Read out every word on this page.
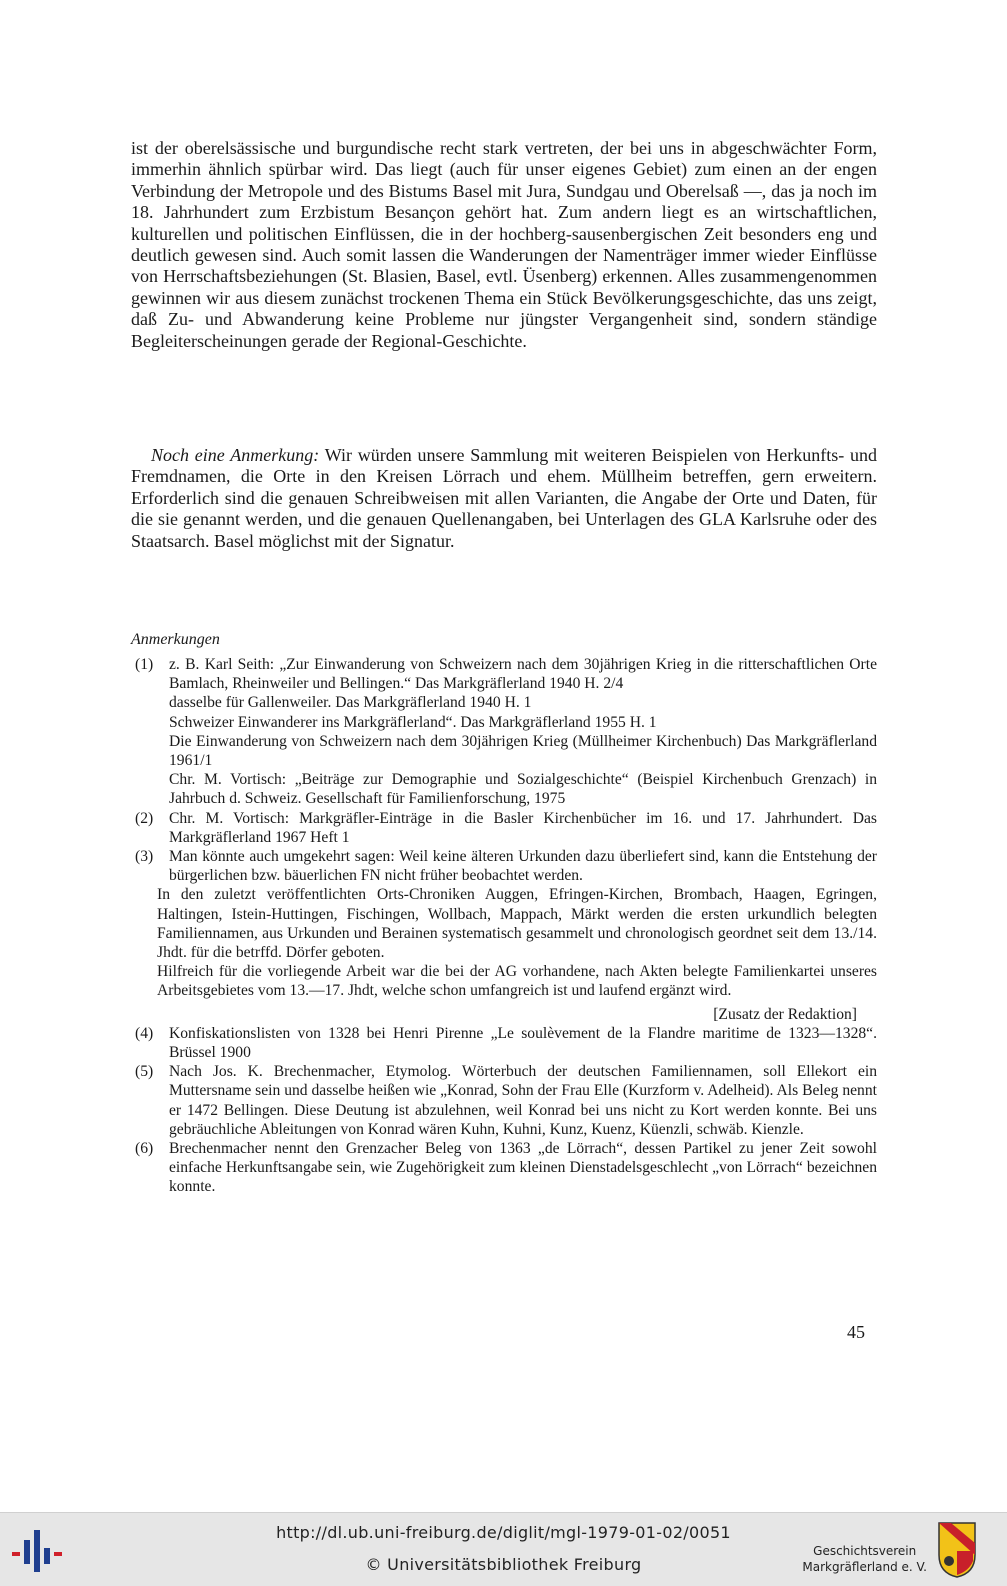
ist der oberelsässische und burgundische recht stark vertreten, der bei uns in abgeschwächter Form, immerhin ähnlich spürbar wird. Das liegt (auch für unser eigenes Gebiet) zum einen an der engen Verbindung der Metropole und des Bistums Basel mit Jura, Sundgau und Oberelsaß —, das ja noch im 18. Jahrhundert zum Erzbistum Besançon gehört hat. Zum andern liegt es an wirtschaftlichen, kulturellen und politischen Einflüssen, die in der hochberg-sausenbergischen Zeit besonders eng und deutlich gewesen sind. Auch somit lassen die Wanderungen der Namenträger immer wieder Einflüsse von Herrschaftsbeziehungen (St. Blasien, Basel, evtl. Üsenberg) erkennen. Alles zusammengenommen gewinnen wir aus diesem zunächst trockenen Thema ein Stück Bevölkerungsgeschichte, das uns zeigt, daß Zu- und Abwanderung keine Probleme nur jüngster Vergangenheit sind, sondern ständige Begleiterscheinungen gerade der Regional-Geschichte.

Noch eine Anmerkung: Wir würden unsere Sammlung mit weiteren Beispielen von Herkunfts- und Fremdnamen, die Orte in den Kreisen Lörrach und ehem. Müllheim betreffen, gern erweitern. Erforderlich sind die genauen Schreibweisen mit allen Varianten, die Angabe der Orte und Daten, für die sie genannt werden, und die genauen Quellenangaben, bei Unterlagen des GLA Karlsruhe oder des Staatsarch. Basel möglichst mit der Signatur.

Anmerkungen

(1)	z. B. Karl Seith: „Zur Einwanderung von Schweizern nach dem 30jährigen Krieg in die ritterschaftlichen Orte Bamlach, Rheinweiler und Bellingen.“ Das Markgräflerland 1940 H. 2/4

dasselbe für Gallenweiler. Das Markgräflerland 1940 H. 1

Schweizer Einwanderer ins Markgräflerland“. Das Markgräflerland 1955 H. 1

Die Einwanderung von Schweizern nach dem 30jährigen Krieg (Müllheimer Kirchenbuch) Das Markgräflerland 1961/1

Chr. M. Vortisch: „Beiträge zur Demographie und Sozialgeschichte“ (Beispiel Kirchenbuch Grenzach) in Jahrbuch d. Schweiz. Gesellschaft für Familienforschung, 1975

(2)	Chr. M. Vortisch: Markgräfler-Einträge in die Basler Kirchenbücher im 16. und 17. Jahrhundert. Das Markgräflerland 1967 Heft 1

(3)	Man könnte auch umgekehrt sagen: Weil keine älteren Urkunden dazu überliefert sind, kann die Entstehung der bürgerlichen bzw. bäuerlichen FN nicht früher beobachtet werden.

In den zuletzt veröffentlichten Orts-Chroniken Auggen, Efringen-Kirchen, Brombach, Haagen, Egringen, Haltingen, Istein-Huttingen, Fischingen, Wollbach, Mappach, Märkt werden die ersten urkundlich belegten Familiennamen, aus Urkunden und Berainen systematisch gesammelt und chronologisch geordnet seit dem 13./14. Jhdt. für die betrffd. Dörfer geboten.

Hilfreich für die vorliegende Arbeit war die bei der AG vorhandene, nach Akten belegte Familienkartei unseres Arbeitsgebietes vom 13.—17. Jhdt, welche schon umfangreich ist und laufend ergänzt wird.

[Zusatz der Redaktion]

(4)	Konfiskationslisten von 1328 bei Henri Pirenne „Le soulèvement de la Flandre maritime de 1323—1328“. Brüssel 1900

(5)	Nach Jos. K. Brechenmacher, Etymolog. Wörterbuch der deutschen Familiennamen, soll Ellekort ein Muttersname sein und dasselbe heißen wie „Konrad, Sohn der Frau Elle (Kurzform v. Adelheid). Als Beleg nennt er 1472 Bellingen. Diese Deutung ist abzulehnen, weil Konrad bei uns nicht zu Kort werden konnte. Bei uns gebräuchliche Ableitungen von Konrad wären Kuhn, Kuhni, Kunz, Kuenz, Küenzli, schwäb. Kienzle.

(6)	Brechenmacher nennt den Grenzacher Beleg von 1363 „de Lörrach“, dessen Partikel zu jener Zeit sowohl einfache Herkunftsangabe sein, wie Zugehörigkeit zum kleinen Dienstadelsgeschlecht „von Lörrach“ bezeichnen konnte.

45
http://dl.ub.uni-freiburg.de/diglit/mgl-1979-01-02/0051
© Universitätsbibliothek Freiburg
Geschichtsverein
Markgräflerland e. V.
